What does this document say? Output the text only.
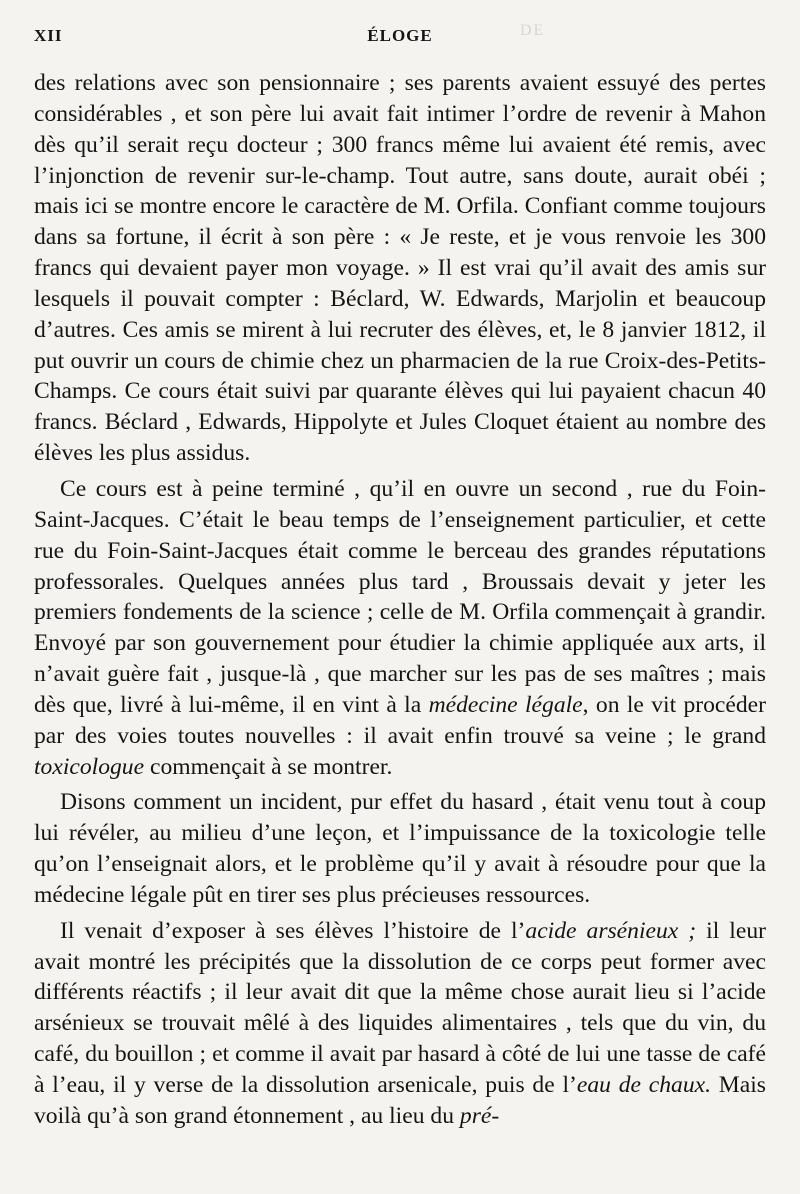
DE
XII	ÉLOGE

des relations avec son pensionnaire ; ses parents avaient essuyé des pertes considérables , et son père lui avait fait intimer l’ordre de revenir à Mahon dès qu’il serait reçu docteur ; 300 francs même lui avaient été remis, avec l’injonction de revenir sur-le-champ. Tout autre, sans doute, aurait obéi ; mais ici se montre encore le caractère de M. Orfila. Confiant comme toujours dans sa fortune, il écrit à son père : « Je reste, et je vous renvoie les 300 francs qui devaient payer mon voyage. » Il est vrai qu’il avait des amis sur lesquels il pouvait compter : Béclard, W. Edwards, Marjolin et beaucoup d’autres. Ces amis se mirent à lui recruter des élèves, et, le 8 janvier 1812, il put ouvrir un cours de chimie chez un pharmacien de la rue Croix-des-Petits-Champs. Ce cours était suivi par quarante élèves qui lui payaient chacun 40 francs. Béclard , Edwards, Hippolyte et Jules Cloquet étaient au nombre des élèves les plus assidus.

Ce cours est à peine terminé , qu’il en ouvre un second , rue du Foin-Saint-Jacques. C’était le beau temps de l’enseignement particulier, et cette rue du Foin-Saint-Jacques était comme le berceau des grandes réputations professorales. Quelques années plus tard , Broussais devait y jeter les premiers fondements de la science ; celle de M. Orfila commençait à grandir. Envoyé par son gouvernement pour étudier la chimie appliquée aux arts, il n’avait guère fait , jusque-là , que marcher sur les pas de ses maîtres ; mais dès que, livré à lui-même, il en vint à la médecine légale, on le vit procéder par des voies toutes nouvelles : il avait enfin trouvé sa veine ; le grand toxicologue commençait à se montrer.

Disons comment un incident, pur effet du hasard , était venu tout à coup lui révéler, au milieu d’une leçon, et l’impuissance de la toxicologie telle qu’on l’enseignait alors, et le problème qu’il y avait à résoudre pour que la médecine légale pût en tirer ses plus précieuses ressources.

Il venait d’exposer à ses élèves l’histoire de l’acide arsénieux ; il leur avait montré les précipités que la dissolution de ce corps peut former avec différents réactifs ; il leur avait dit que la même chose aurait lieu si l’acide arsénieux se trouvait mêlé à des liquides alimentaires , tels que du vin, du café, du bouillon ; et comme il avait par hasard à côté de lui une tasse de café à l’eau, il y verse de la dissolution arsenicale, puis de l’eau de chaux. Mais voilà qu’à son grand étonnement , au lieu du pré-
